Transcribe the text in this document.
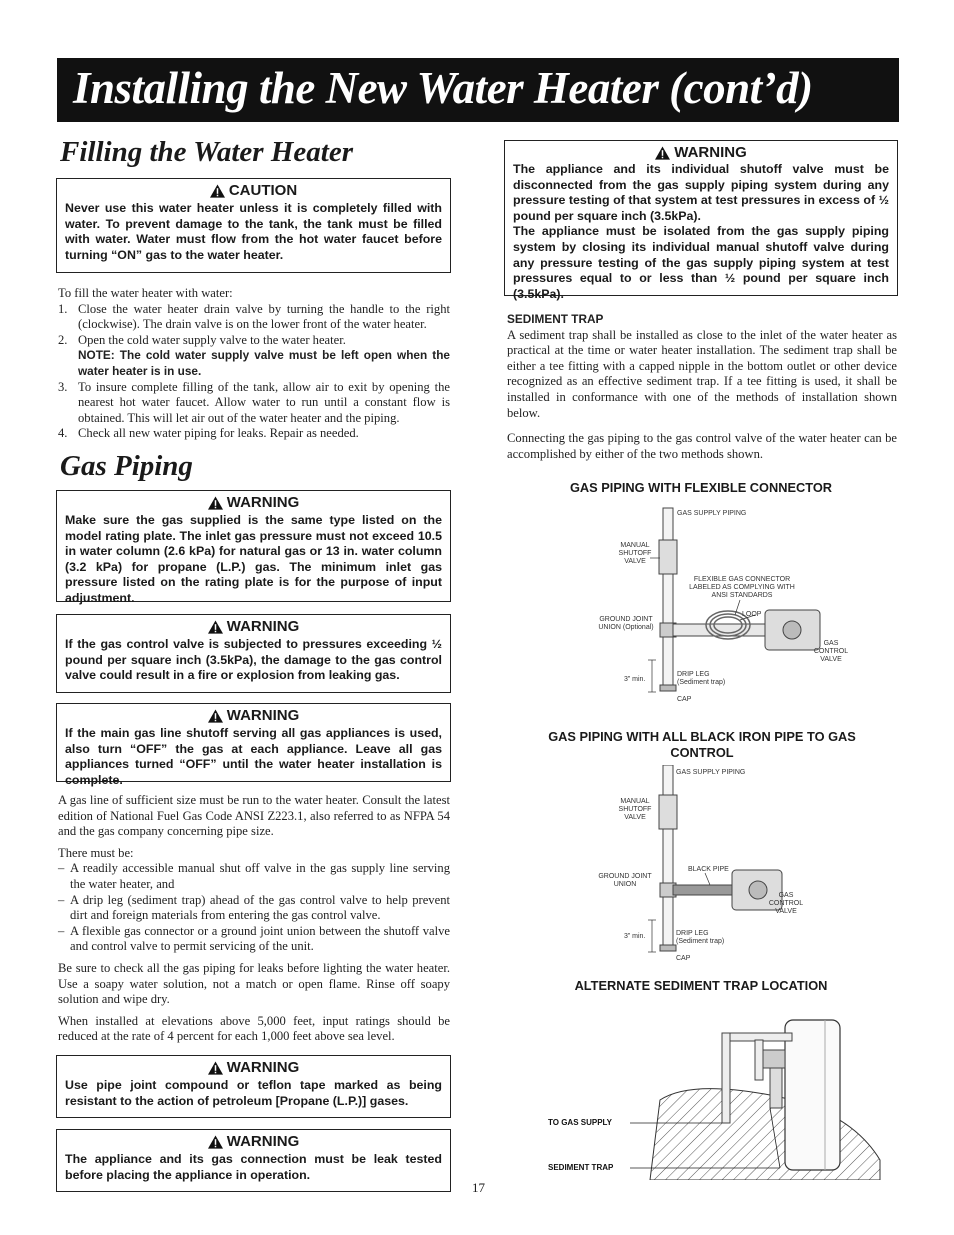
Installing the New Water Heater (cont’d)
Filling the Water Heater
CAUTION

Never use this water heater unless it is completely filled with water. To prevent damage to the tank, the tank must be filled with water. Water must flow from the hot water faucet before turning “ON” gas to the water heater.

To fill the water heater with water:

1. Close the water heater drain valve by turning the handle to the right (clockwise). The drain valve is on the lower front of the water heater.
2. Open the cold water supply valve to the water heater.
NOTE: The cold water supply valve must be left open when the water heater is in use.
3. To insure complete filling of the tank, allow air to exit by opening the nearest hot water faucet. Allow water to run until a constant flow is obtained. This will let air out of the water heater and the piping.
4. Check all new water piping for leaks. Repair as needed.
Gas Piping
WARNING

Make sure the gas supplied is the same type listed on the model rating plate. The inlet gas pressure must not exceed 10.5 in water column (2.6 kPa) for natural gas or 13 in. water column (3.2 kPa) for propane (L.P.) gas. The minimum inlet gas pressure listed on the rating plate is for the purpose of input adjustment.

WARNING

If the gas control valve is subjected to pressures exceeding ½ pound per square inch (3.5kPa), the damage to the gas control valve could result in a fire or explosion from leaking gas.

WARNING

If the main gas line shutoff serving all gas appliances is used, also turn “OFF” the gas at each appliance. Leave all gas appliances turned “OFF” until the water heater installation is complete.

A gas line of sufficient size must be run to the water heater. Consult the latest edition of National Fuel Gas Code ANSI Z223.1, also referred to as NFPA 54 and the gas company concerning pipe size.

There must be:

– A readily accessible manual shut off valve in the gas supply line serving the water heater, and
– A drip leg (sediment trap) ahead of the gas control valve to help prevent dirt and foreign materials from entering the gas control valve.
– A flexible gas connector or a ground joint union between the shutoff valve and control valve to permit servicing of the unit.

Be sure to check all the gas piping for leaks before lighting the water heater. Use a soapy water solution, not a match or open flame. Rinse off soapy solution and wipe dry.

When installed at elevations above 5,000 feet, input ratings should be reduced at the rate of 4 percent for each 1,000 feet above sea level.

WARNING

Use pipe joint compound or teflon tape marked as being resistant to the action of petroleum [Propane (L.P.)] gases.

WARNING

The appliance and its gas connection must be leak tested before placing the appliance in operation.

WARNING

The appliance and its individual shutoff valve must be disconnected from the gas supply piping system during any pressure testing of that system at test pressures in excess of ½ pound per square inch (3.5kPa).

The appliance must be isolated from the gas supply piping system by closing its individual manual shutoff valve during any pressure testing of the gas supply piping system at test pressures equal to or less than ½ pound per square inch (3.5kPa).

SEDIMENT TRAP

A sediment trap shall be installed as close to the inlet of the water heater as practical at the time or water heater installation. The sediment trap shall be either a tee fitting with a capped nipple in the bottom outlet or other device recognized as an effective sediment trap. If a tee fitting is used, it shall be installed in conformance with one of the methods of installation shown below.

Connecting the gas piping to the gas control valve of the water heater can be accomplished by either of the two methods shown.

GAS PIPING WITH FLEXIBLE CONNECTOR
GAS SUPPLY PIPING
MANUAL SHUTOFF VALVE
FLEXIBLE GAS CONNECTOR LABELED AS COMPLYING WITH ANSI STANDARDS
LOOP
GROUND JOINT UNION (Optional)
GAS CONTROL VALVE
3” min.
DRIP LEG
(Sediment trap)
CAP
GAS PIPING WITH ALL BLACK IRON PIPE TO GAS CONTROL
GAS SUPPLY PIPING
MANUAL SHUTOFF VALVE
BLACK PIPE
GROUND JOINT UNION
GAS CONTROL VALVE
3” min.	DRIP LEG
(Sediment trap)
CAP
ALTERNATE SEDIMENT TRAP LOCATION
TO GAS SUPPLY
SEDIMENT TRAP
17
